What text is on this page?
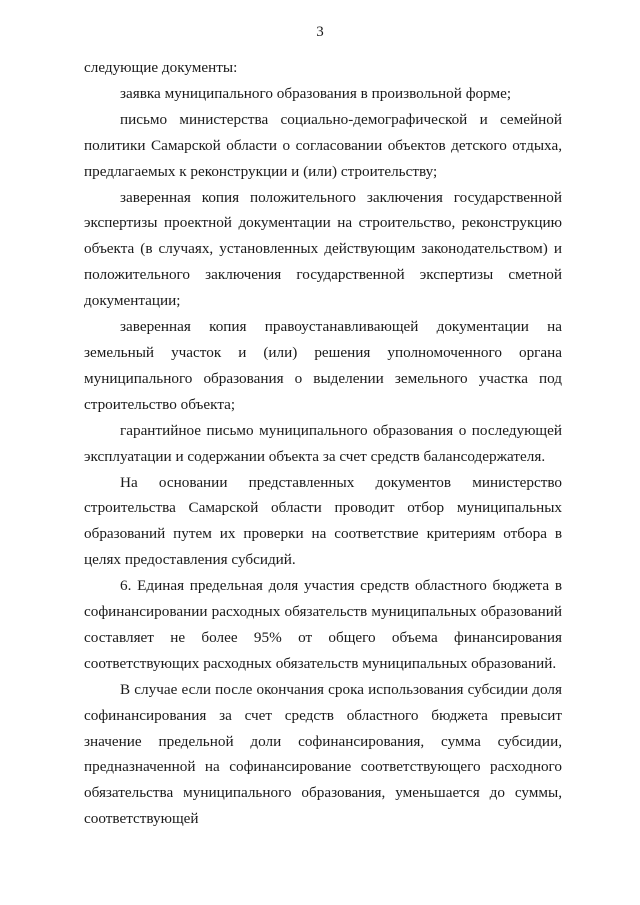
3

следующие документы:

заявка муниципального образования в произвольной форме;

письмо министерства социально-демографической и семейной политики Самарской области о согласовании объектов детского отдыха, предлагаемых к реконструкции и (или) строительству;

заверенная копия положительного заключения государственной экспертизы проектной документации на строительство, реконструкцию объекта (в случаях, установленных действующим законодательством) и положительного заключения государственной экспертизы сметной документации;

заверенная копия правоустанавливающей документации на земельный участок и (или) решения уполномоченного органа муниципального образования о выделении земельного участка под строительство объекта;

гарантийное письмо муниципального образования о последующей эксплуатации и содержании объекта за счет средств балансодержателя.

На основании представленных документов министерство строительства Самарской области проводит отбор муниципальных образований путем их проверки на соответствие критериям отбора в целях предоставления субсидий.

6. Единая предельная доля участия средств областного бюджета в софинансировании расходных обязательств муниципальных образований составляет не более 95% от общего объема финансирования соответствующих расходных обязательств муниципальных образований.

В случае если после окончания срока использования субсидии доля софинансирования за счет средств областного бюджета превысит значение предельной доли софинансирования, сумма субсидии, предназначенной на софинансирование соответствующего расходного обязательства муниципального образования, уменьшается до суммы, соответствующей
